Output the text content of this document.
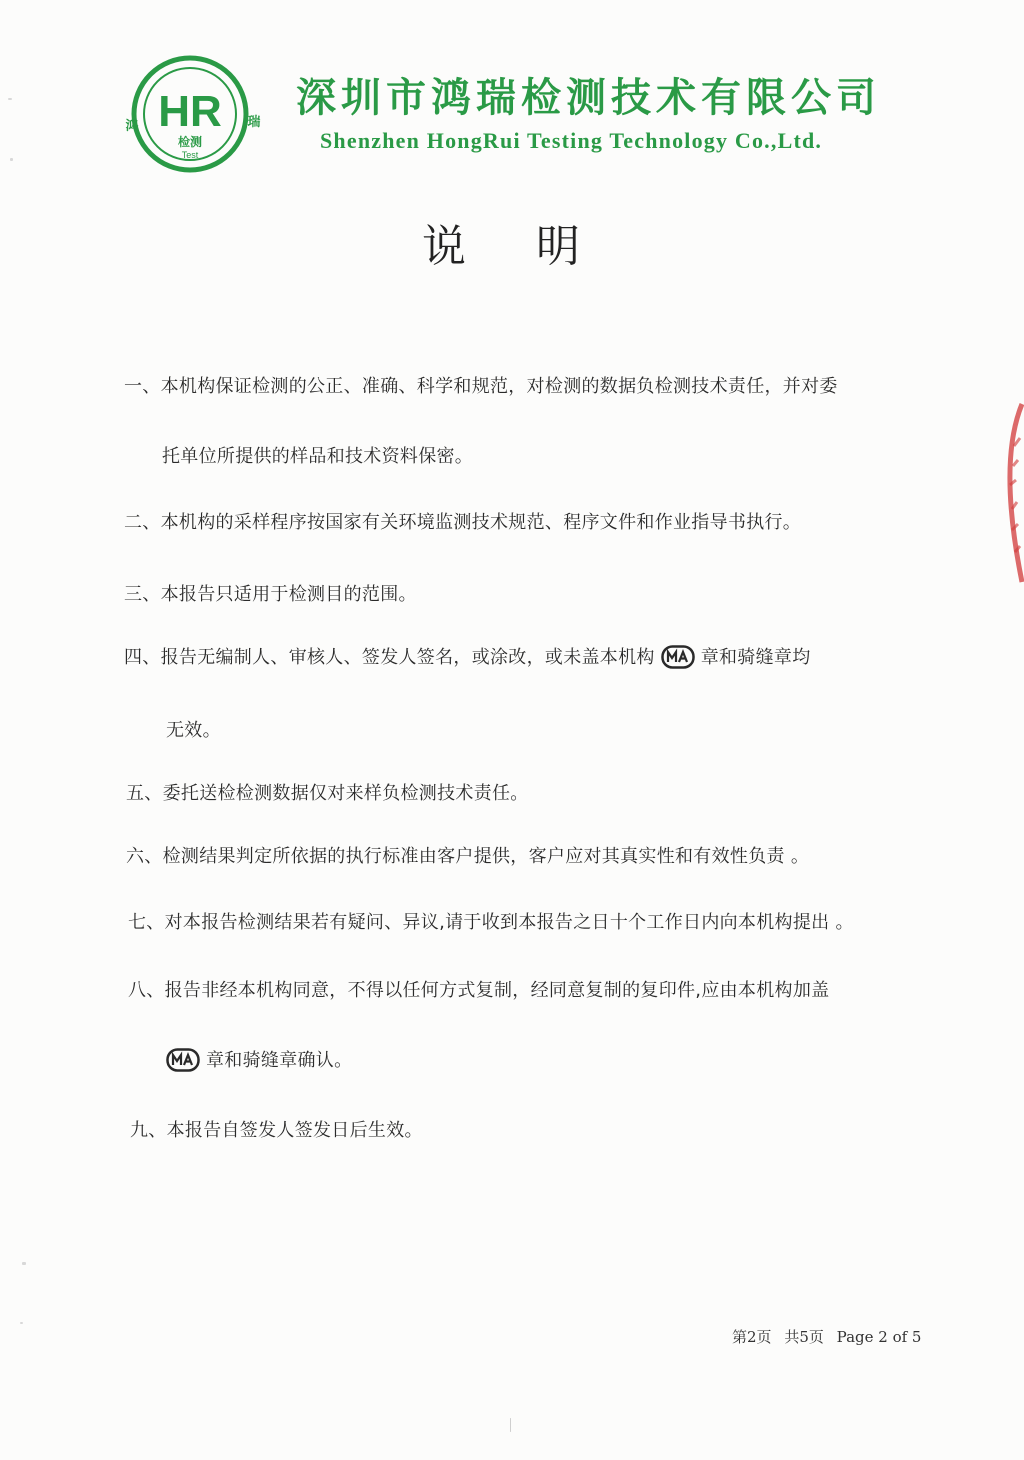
HR
鸿	瑞
检测
Test
深圳市鸿瑞检测技术有限公司
Shenzhen HongRui Testing Technology Co.,Ltd.
说明
一、本机构保证检测的公正、准确、科学和规范，对检测的数据负检测技术责任，并对委
托单位所提供的样品和技术资料保密。
二、本机构的采样程序按国家有关环境监测技术规范、程序文件和作业指导书执行。
三、本报告只适用于检测目的范围。
四、报告无编制人、审核人、签发人签名，或涂改，或未盖本机构	章和骑缝章均
无效。
五、委托送检检测数据仅对来样负检测技术责任。
六、检测结果判定所依据的执行标准由客户提供，客户应对其真实性和有效性负责 。
七、对本报告检测结果若有疑问、异议,请于收到本报告之日十个工作日内向本机构提出 。
八、报告非经本机构同意，不得以任何方式复制，经同意复制的复印件,应由本机构加盖
章和骑缝章确认。
九、本报告自签发人签发日后生效。
第2页 共5页 Page 2 of 5
